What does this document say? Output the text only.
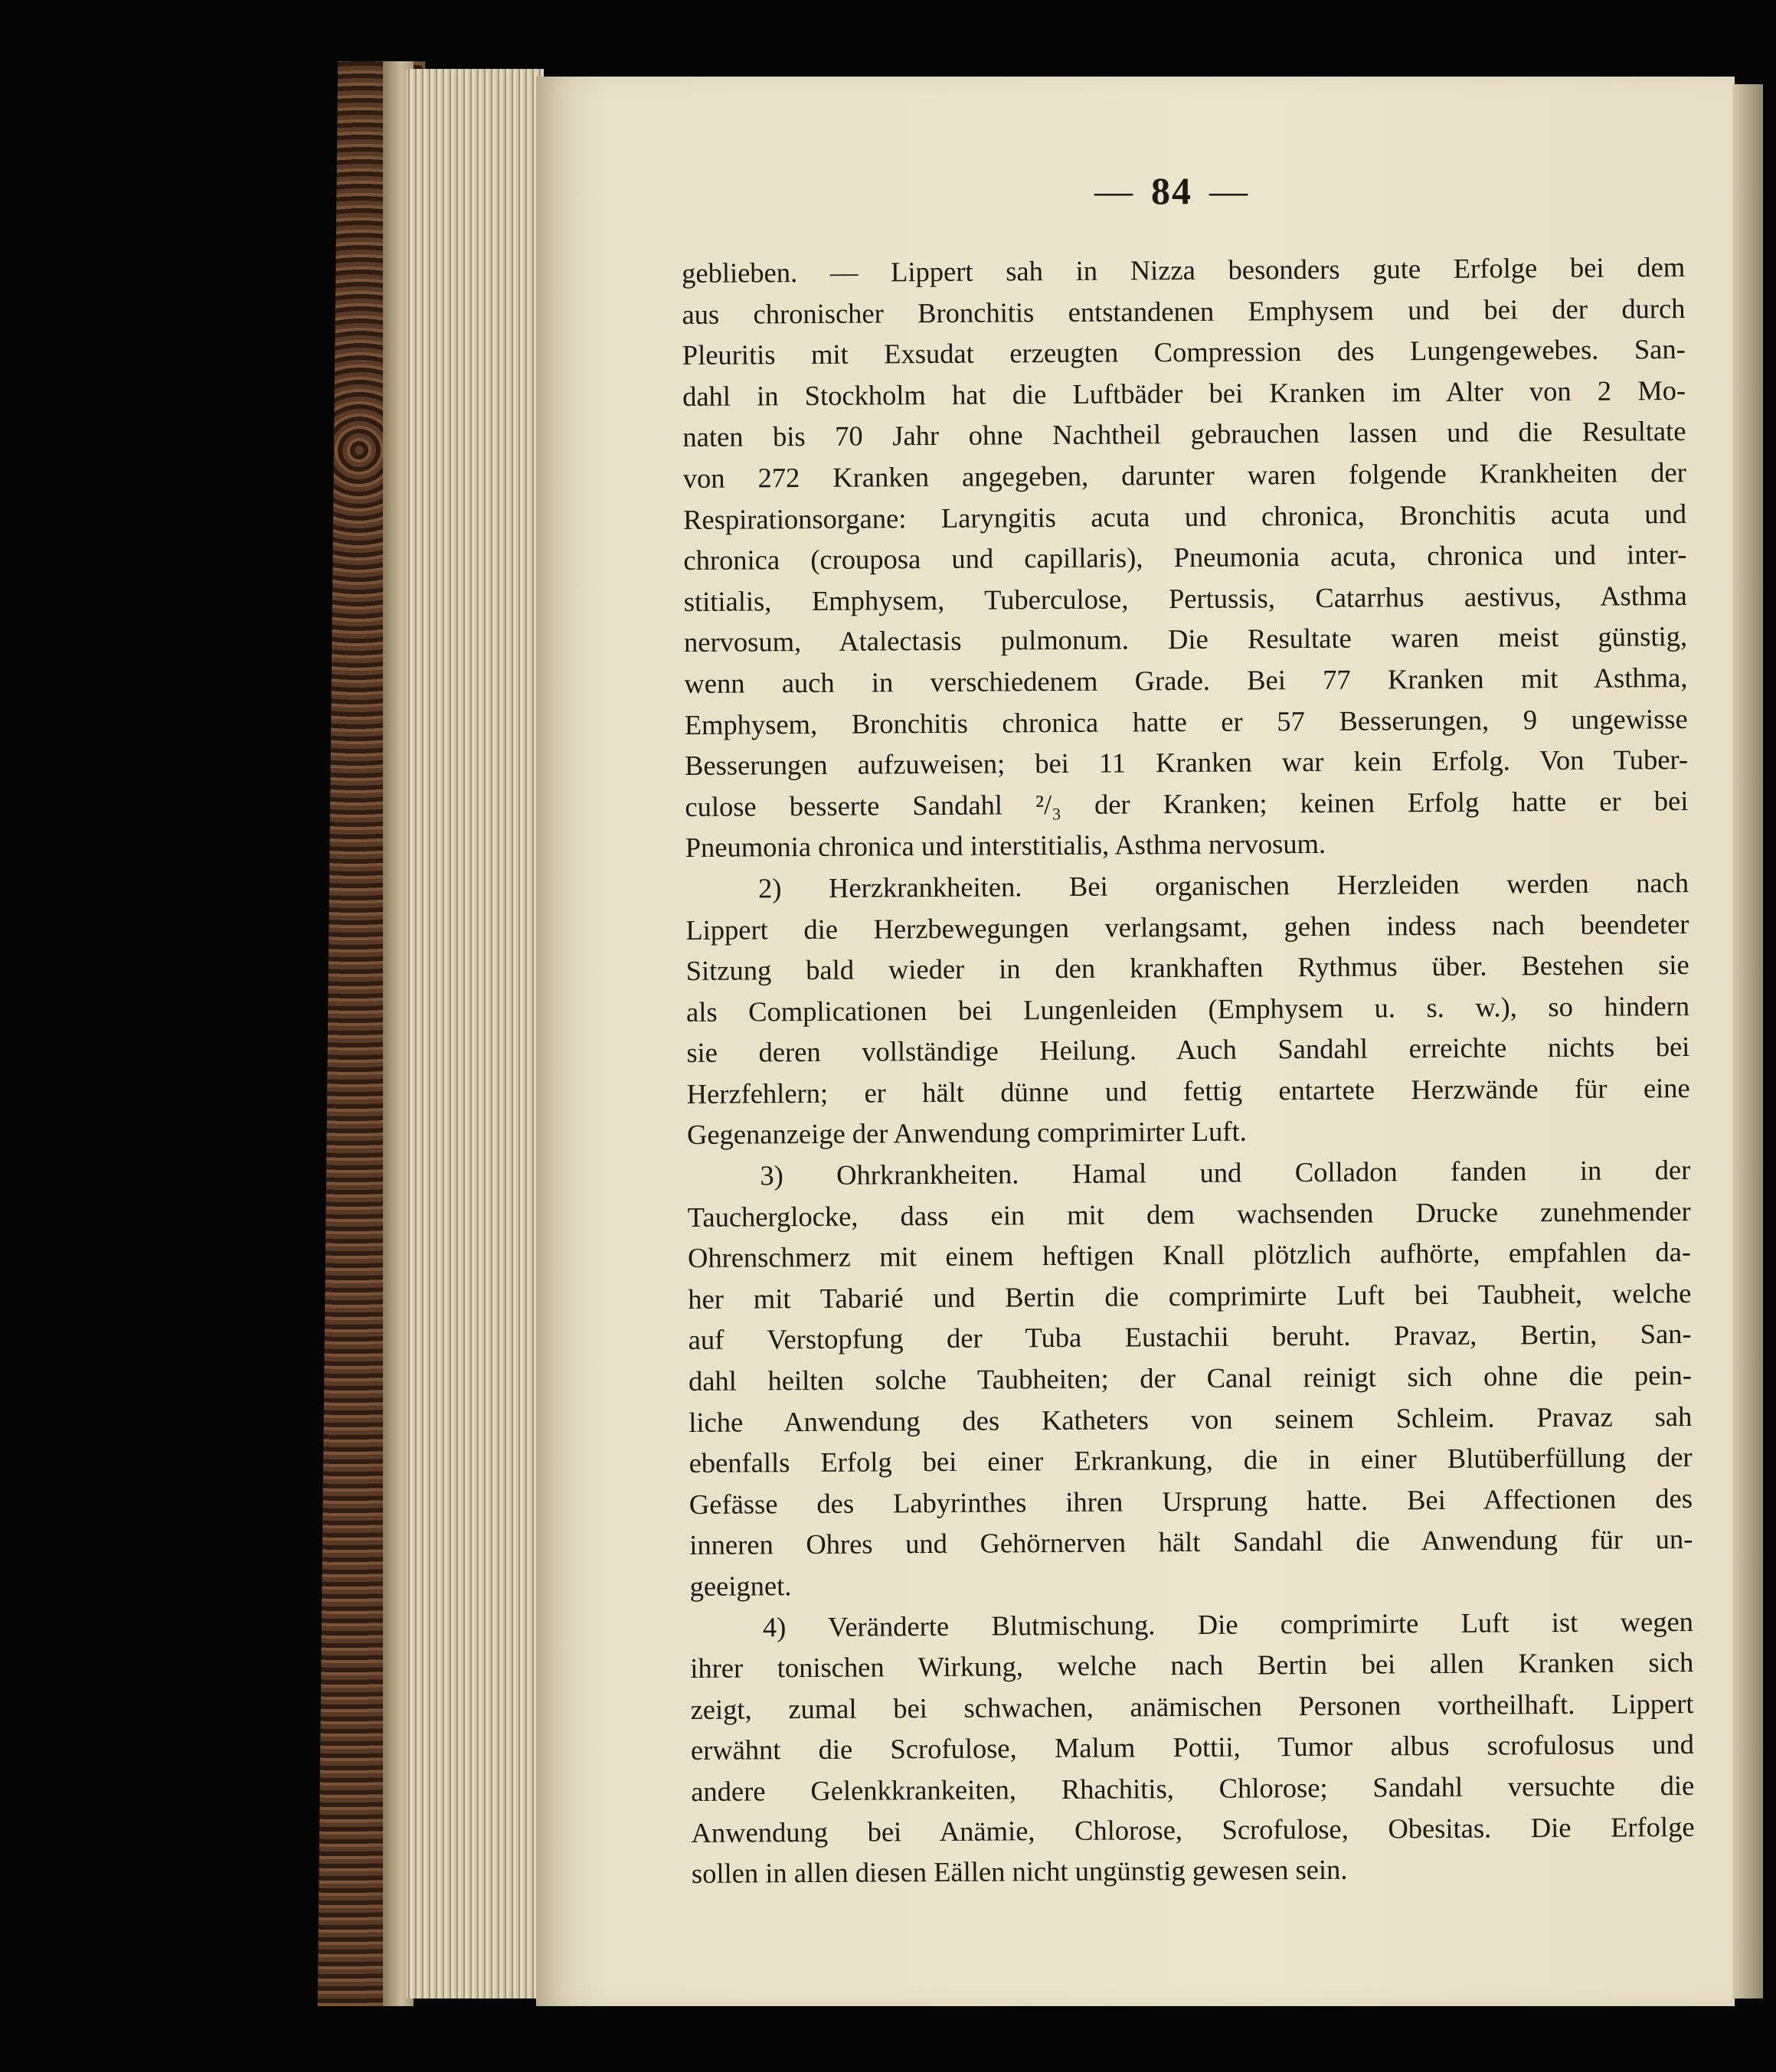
— 84 —

geblieben. — Lippert sah in Nizza besonders gute Erfolge bei dem
aus chronischer Bronchitis entstandenen Emphysem und bei der durch
Pleuritis mit Exsudat erzeugten Compression des Lungengewebes. San-
dahl in Stockholm hat die Luftbäder bei Kranken im Alter von 2 Mo-
naten bis 70 Jahr ohne Nachtheil gebrauchen lassen und die Resultate
von 272 Kranken angegeben, darunter waren folgende Krankheiten der
Respirationsorgane: Laryngitis acuta und chronica, Bronchitis acuta und
chronica (crouposa und capillaris), Pneumonia acuta, chronica und inter-
stitialis, Emphysem, Tuberculose, Pertussis, Catarrhus aestivus, Asthma
nervosum, Atalectasis pulmonum. Die Resultate waren meist günstig,
wenn auch in verschiedenem Grade. Bei 77 Kranken mit Asthma,
Emphysem, Bronchitis chronica hatte er 57 Besserungen, 9 ungewisse
Besserungen aufzuweisen; bei 11 Kranken war kein Erfolg. Von Tuber-
culose besserte Sandahl ²/₃ der Kranken; keinen Erfolg hatte er bei
Pneumonia chronica und interstitialis, Asthma nervosum.

2) Herzkrankheiten. Bei organischen Herzleiden werden nach
Lippert die Herzbewegungen verlangsamt, gehen indess nach beendeter
Sitzung bald wieder in den krankhaften Rythmus über. Bestehen sie
als Complicationen bei Lungenleiden (Emphysem u. s. w.), so hindern
sie deren vollständige Heilung. Auch Sandahl erreichte nichts bei
Herzfehlern; er hält dünne und fettig entartete Herzwände für eine
Gegenanzeige der Anwendung comprimirter Luft.

3) Ohrkrankheiten. Hamal und Colladon fanden in der
Taucherglocke, dass ein mit dem wachsenden Drucke zunehmender
Ohrenschmerz mit einem heftigen Knall plötzlich aufhörte, empfahlen da-
her mit Tabarié und Bertin die comprimirte Luft bei Taubheit, welche
auf Verstopfung der Tuba Eustachii beruht. Pravaz, Bertin, San-
dahl heilten solche Taubheiten; der Canal reinigt sich ohne die pein-
liche Anwendung des Katheters von seinem Schleim. Pravaz sah
ebenfalls Erfolg bei einer Erkrankung, die in einer Blutüberfüllung der
Gefässe des Labyrinthes ihren Ursprung hatte. Bei Affectionen des
inneren Ohres und Gehörnerven hält Sandahl die Anwendung für un-
geeignet.

4) Veränderte Blutmischung. Die comprimirte Luft ist wegen
ihrer tonischen Wirkung, welche nach Bertin bei allen Kranken sich
zeigt, zumal bei schwachen, anämischen Personen vortheilhaft. Lippert
erwähnt die Scrofulose, Malum Pottii, Tumor albus scrofulosus und
andere Gelenkkrankeiten, Rhachitis, Chlorose; Sandahl versuchte die
Anwendung bei Anämie, Chlorose, Scrofulose, Obesitas. Die Erfolge
sollen in allen diesen Eällen nicht ungünstig gewesen sein.
